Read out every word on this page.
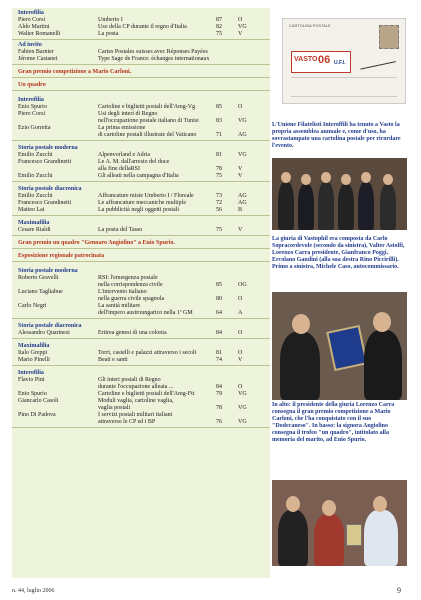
Interofilia
Piero Corsi	Umberto I	87	O
Aldo Martini	Uso della CP durante il regno d'Italia	82	VG
Walter Romanelli	La posta	75	V
Ad invito
Fabien Barnier	Cartes Postales suisses avec Réponses Payées
Jérome Castanet	Type Sage de France: échanges internationaux
Gran premio competizione a Mario Carloni.
Un quadro
Interofilia
Enio Spurio	Cartoline e biglietti postali dell'Amg-Vg	85	O
Piero Corsi	Usi degli interi di Regno
nell'occupazione postale italiano di Tunisi	83	VG
Ezio Gorretta	La prima emissione
di cartoline postali illustrate del Vaticano	71	AG
Storia postale moderna
Emilio Zucchi	Alpenvorland e Adria	81	VG
Francesco Grandinetti	Le A. M. dall'arresto del duce
alla fine dellaRSI	78	V
Emilio Zucchi	Gli alleati nella campagna d'Italia	75	V
Storia postale diacronica
Emilio Zucchi	Affrancature miste Umberto I / Floreale	73	AG
Francesco Grandinetti	Le affrancature meccaniche multiple	72	AG
Matteo Lai	La pubblicità negli oggetti postali	56	B
Maximafilia
Cesare Rialdi	La posta del Tasso	75	V
Gran premio un quadro "Gennaro Angiolino" a Enio Spurio.
Esposizione regionale patrocinata
Storia postale moderna
Roberto Gravelli	RSI: l'emergenza postale
nella corrispondenza civile	85	OG
Luciano Tagliabue	L'intervento italiano
nella guerra civile spagnola	80	O
Carlo Negri	La sanità militare
dell'impero austroungarico nella 1ª GM	64	A
Storia postale diacronica
Alessandro Quarinesi	Eritrea genesi di una colonia	84	O
Maximafilia
Italo Greppi	Torri, castelli e palazzi attraverso i secoli	81	O
Mario Pinelli	Beati e santi	74	V
Interofilia
Flavio Pini	Gli interi postali di Regno
durante l'occupazione alleata ...	84	O
Enio Spurio	Cartoline e biglietti postali dell'Amg-Ftt	79	VG
Giancarlo Casoli	Moduli vaglia, cartoline vaglia,
vaglia postali	78	VG
Pino Di Padova	I servizi postali militari italiani
attraverso le CP ed i BP	76	VG
CARTOLINA POSTALE
VASTO 06 U.F.I.
L'Unione Filatelisti Interoffili ha tenuto a Vasto la propria assemblea annuale e, come d'uso, ha sovrastampato una cartolina postale per ricordare l'evento.
La giuria di Vastophil era composta da Carlo Sopracordevole (secondo da sinistra), Valter Astolfi, Lorenzo Carra presidente, Gianfranco Poggi, Ercolano Gandini (alla sua destra Rino Piccirilli). Primo a sinistra, Michele Caso, autocommissario.
In alto: il presidente della giuria Lorenzo Carra consegna il gran premio competizione a Mario Carloni, che l'ha conquistato con il suo "Dodecaneso". In basso: la signora Angiolino consegna il trofeo "un quadro", intitolato alla memoria del marito, ad Enio Spurio.
n. 44, luglio 2006	9
